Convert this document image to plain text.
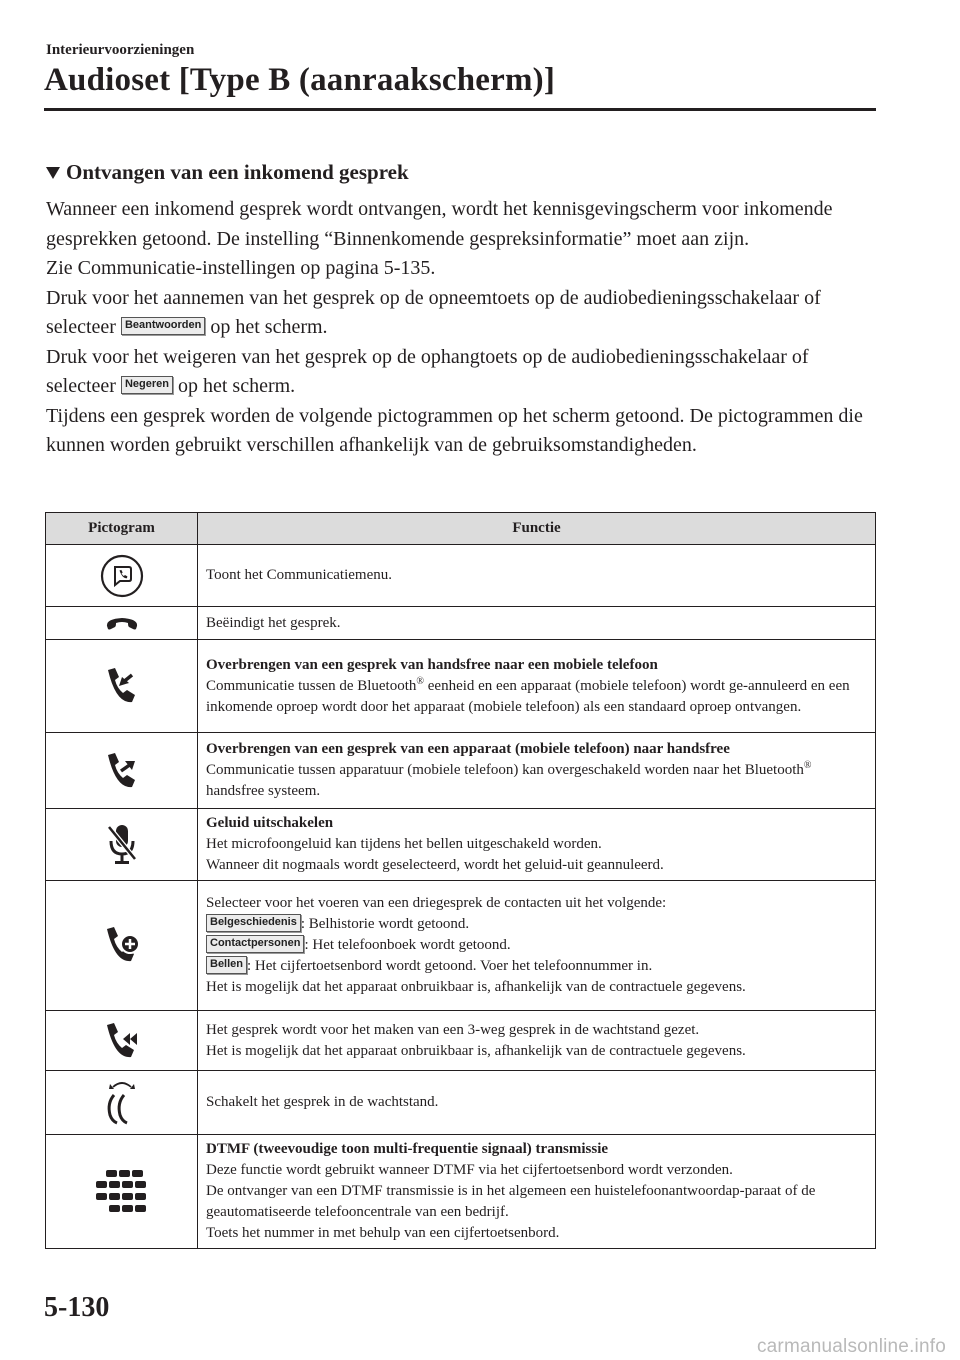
Interieurvoorzieningen
Audioset [Type B (aanraakscherm)]
Ontvangen van een inkomend gesprek

Wanneer een inkomend gesprek wordt ontvangen, wordt het kennisgevingscherm voor inkomende gesprekken getoond. De instelling “Binnenkomende gespreksinformatie” moet aan zijn.

Zie Communicatie-instellingen op pagina 5-135.

Druk voor het aannemen van het gesprek op de opneemtoets op de audiobedieningsschakelaar of selecteer Beantwoorden op het scherm.

Druk voor het weigeren van het gesprek op de ophangtoets op de audiobedieningsschakelaar of selecteer Negeren op het scherm.

Tijdens een gesprek worden de volgende pictogrammen op het scherm getoond. De pictogrammen die kunnen worden gebruikt verschillen afhankelijk van de gebruiksomstandigheden.

Pictogram	Functie

	Toont het Communicatiemenu.

	Beëindigt het gesprek.

Overbrengen van een gesprek van handsfree naar een mobiele telefoon
Communicatie tussen de Bluetooth® eenheid en een apparaat (mobiele telefoon) wordt ge-annuleerd en een inkomende oproep wordt door het apparaat (mobiele telefoon) als een standaard oproep ontvangen.

Overbrengen van een gesprek van een apparaat (mobiele telefoon) naar handsfree
Communicatie tussen apparatuur (mobiele telefoon) kan overgeschakeld worden naar het Bluetooth® handsfree systeem.

Geluid uitschakelen
Het microfoongeluid kan tijdens het bellen uitgeschakeld worden.
Wanneer dit nogmaals wordt geselecteerd, wordt het geluid-uit geannuleerd.

Selecteer voor het voeren van een driegesprek de contacten uit het volgende:
Belgeschiedenis : Belhistorie wordt getoond.
Contactpersonen : Het telefoonboek wordt getoond.
Bellen : Het cijfertoetsenbord wordt getoond. Voer het telefoonnummer in.
Het is mogelijk dat het apparaat onbruikbaar is, afhankelijk van de contractuele gegevens.

Het gesprek wordt voor het maken van een 3-weg gesprek in de wachtstand gezet.
Het is mogelijk dat het apparaat onbruikbaar is, afhankelijk van de contractuele gegevens.

	Schakelt het gesprek in de wachtstand.

DTMF (tweevoudige toon multi-frequentie signaal) transmissie
Deze functie wordt gebruikt wanneer DTMF via het cijfertoetsenbord wordt verzonden.
De ontvanger van een DTMF transmissie is in het algemeen een huistelefoonantwoordap-paraat of de geautomatiseerde telefooncentrale van een bedrijf.
Toets het nummer in met behulp van een cijfertoetsenbord.
5-130
carmanualsonline.info
